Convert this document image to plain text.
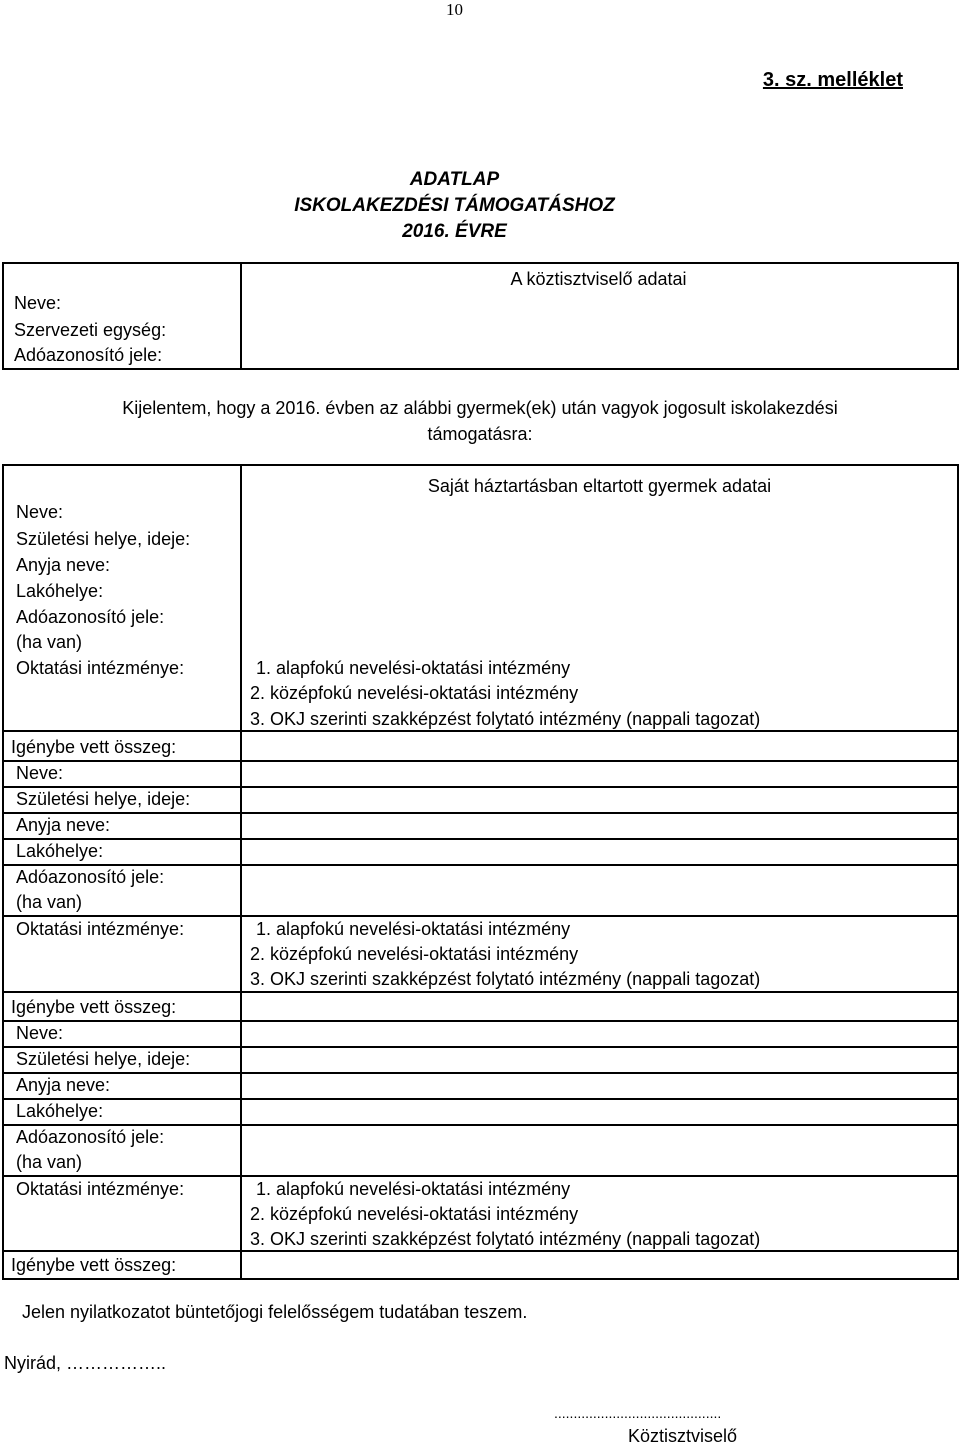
10
3. sz. melléklet
ADATLAP
ISKOLAKEZDÉSI TÁMOGATÁSHOZ
2016. ÉVRE
Neve:
Szervezeti egység:
Adóazonosító jele:
A köztisztviselő adatai
Kijelentem, hogy a 2016. évben az alábbi gyermek(ek) után vagyok jogosult iskolakezdési
támogatásra:
Saját háztartásban eltartott gyermek adatai
Neve:
Születési helye, ideje:
Anyja neve:
Lakóhelye:
Adóazonosító jele:
(ha van)
Oktatási intézménye:	1. alapfokú nevelési-oktatási intézmény
2. középfokú nevelési-oktatási intézmény
3. OKJ szerinti szakképzést folytató intézmény (nappali tagozat)
Igénybe vett összeg:
Neve:
Születési helye, ideje:
Anyja neve:
Lakóhelye:
Adóazonosító jele:
(ha van)
Oktatási intézménye:	1. alapfokú nevelési-oktatási intézmény
2. középfokú nevelési-oktatási intézmény
3. OKJ szerinti szakképzést folytató intézmény (nappali tagozat)
Igénybe vett összeg:
Neve:
Születési helye, ideje:
Anyja neve:
Lakóhelye:
Adóazonosító jele:
(ha van)
Oktatási intézménye:	1. alapfokú nevelési-oktatási intézmény
2. középfokú nevelési-oktatási intézmény
3. OKJ szerinti szakképzést folytató intézmény (nappali tagozat)
Igénybe vett összeg:
Jelen nyilatkozatot büntetőjogi felelősségem tudatában teszem.
Nyirád, ……………..
...........................................
Köztisztviselő
